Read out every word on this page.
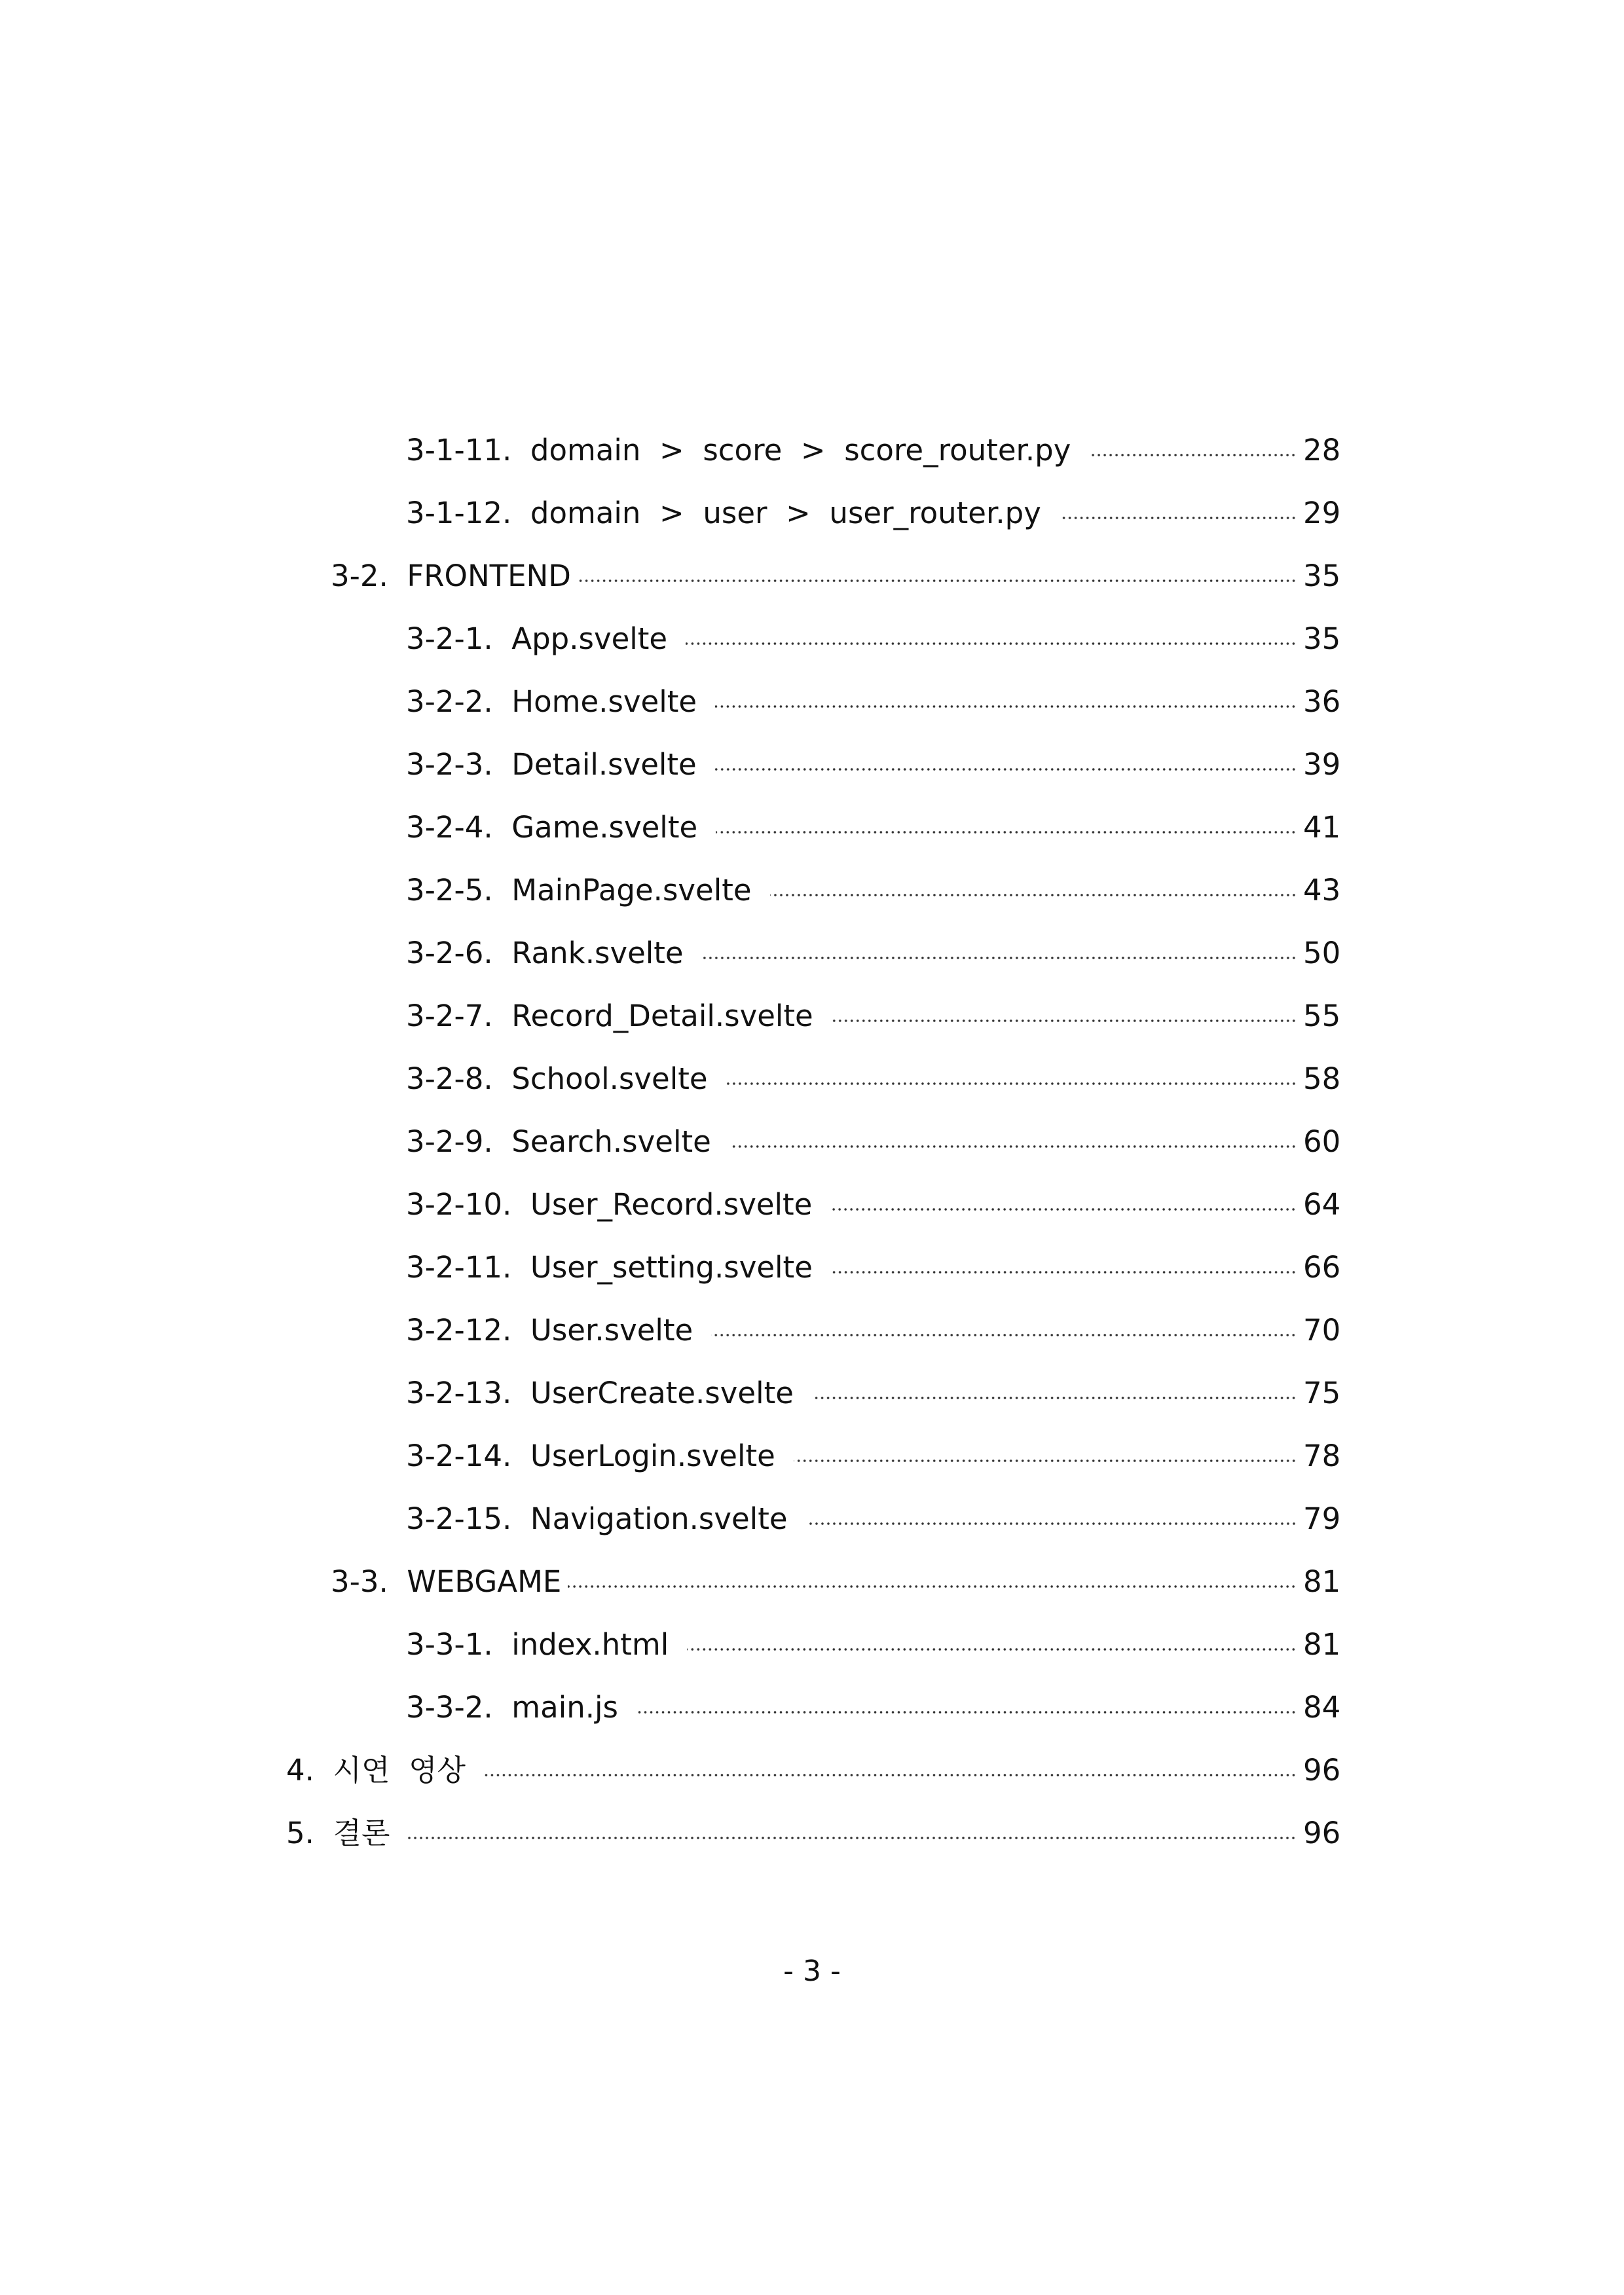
3-1-11.  domain  >  score  >  score_router.py	28
3-1-12.  domain  >  user  >  user_router.py	29
3-2.  FRONTEND	35
3-2-1.  App.svelte	35
3-2-2.  Home.svelte	36
3-2-3.  Detail.svelte	39
3-2-4.  Game.svelte	41
3-2-5.  MainPage.svelte	43
3-2-6.  Rank.svelte	50
3-2-7.  Record_Detail.svelte	55
3-2-8.  School.svelte	58
3-2-9.  Search.svelte	60
3-2-10.  User_Record.svelte	64
3-2-11.  User_setting.svelte	66
3-2-12.  User.svelte	70
3-2-13.  UserCreate.svelte	75
3-2-14.  UserLogin.svelte	78
3-2-15.  Navigation.svelte	79
3-3.  WEBGAME	81
3-3-1.  index.html	81
3-3-2.  main.js	84
4.  시연  영상	96
5.  결론	96
- 3 -
